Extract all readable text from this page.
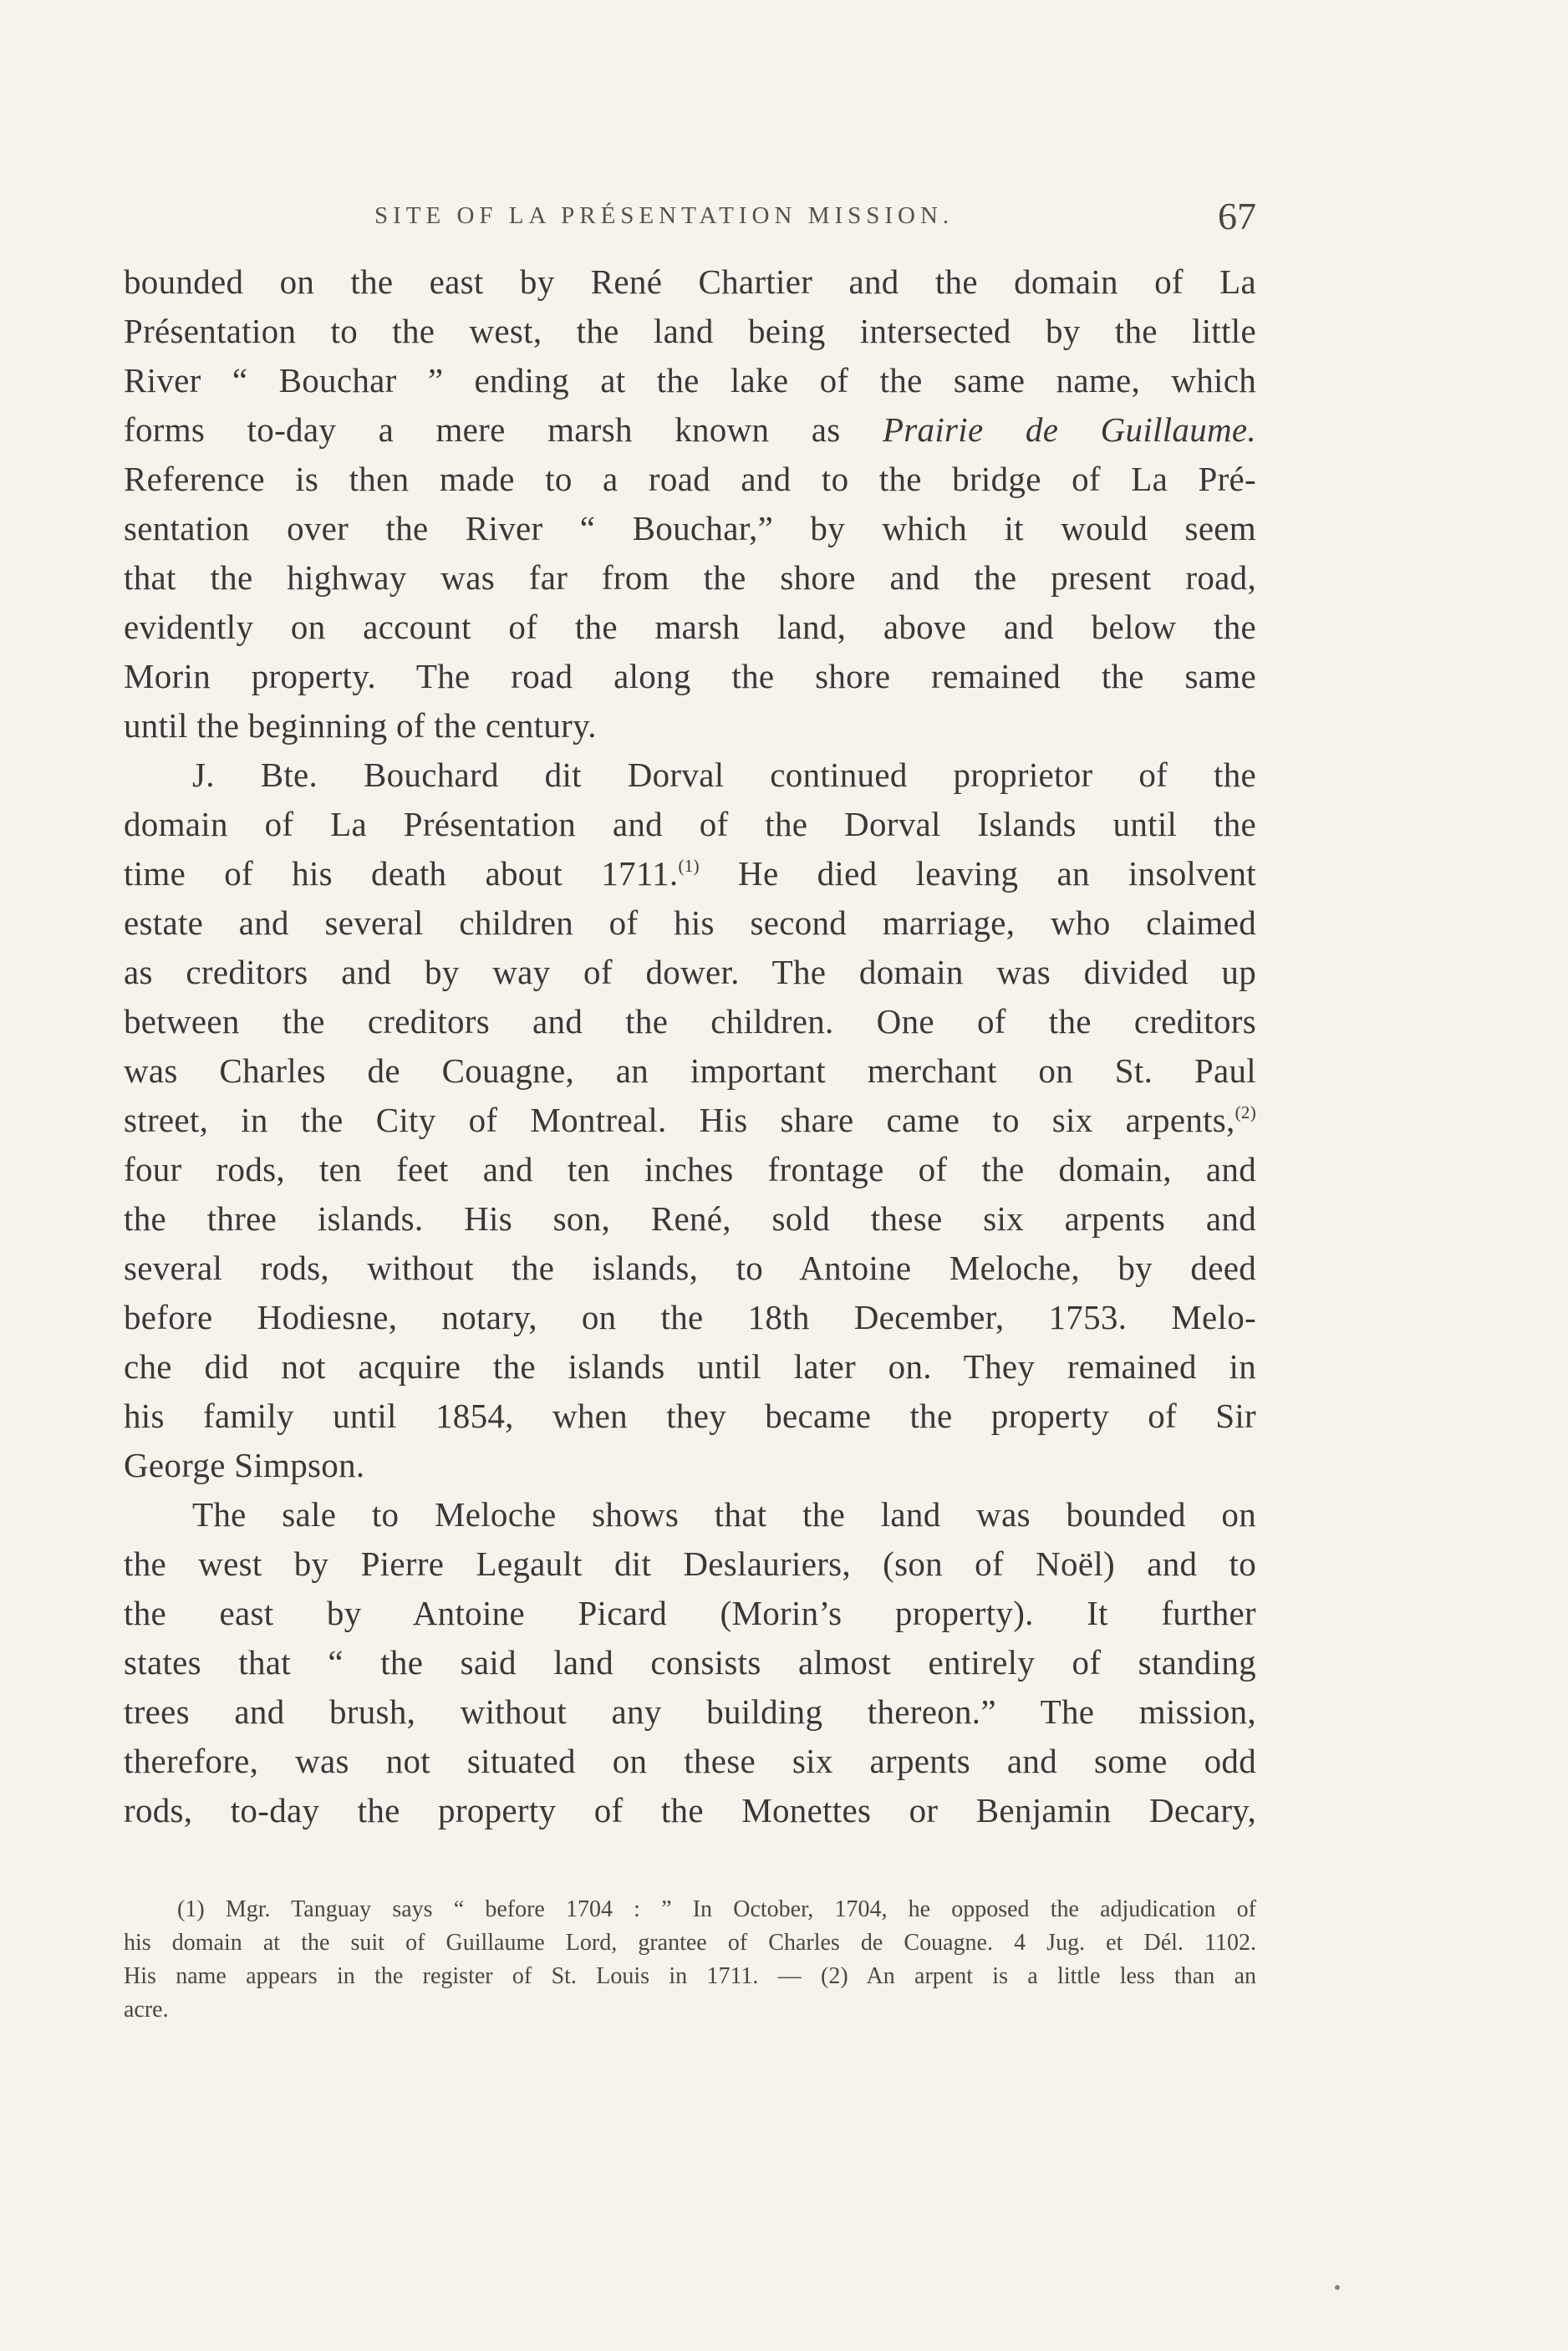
SITE OF LA PRÉSENTATION MISSION.	67
bounded on the east by René Chartier and the domain of La
Présentation to the west, the land being intersected by the little
River “ Bouchar ” ending at the lake of the same name, which
forms to-day a mere marsh known as Prairie de Guillaume.
Reference is then made to a road and to the bridge of La Pré-
sentation over the River “ Bouchar,” by which it would seem
that the highway was far from the shore and the present road,
evidently on account of the marsh land, above and below the
Morin property. The road along the shore remained the same
until the beginning of the century.
J. Bte. Bouchard dit Dorval continued proprietor of the
domain of La Présentation and of the Dorval Islands until the
time of his death about 1711.$^{(1)}$ He died leaving an insolvent
estate and several children of his second marriage, who claimed
as creditors and by way of dower. The domain was divided up
between the creditors and the children. One of the creditors
was Charles de Couagne, an important merchant on St. Paul
street, in the City of Montreal. His share came to six arpents,$^{(2)}$
four rods, ten feet and ten inches frontage of the domain, and
the three islands. His son, René, sold these six arpents and
several rods, without the islands, to Antoine Meloche, by deed
before Hodiesne, notary, on the 18th December, 1753. Melo-
che did not acquire the islands until later on. They remained in
his family until 1854, when they became the property of Sir
George Simpson.
The sale to Meloche shows that the land was bounded on
the west by Pierre Legault dit Deslauriers, (son of Noël) and to
the east by Antoine Picard (Morin’s property). It further
states that “ the said land consists almost entirely of standing
trees and brush, without any building thereon.” The mission,
therefore, was not situated on these six arpents and some odd
rods, to-day the property of the Monettes or Benjamin Decary,
(1) Mgr. Tanguay says “ before 1704 : ” In October, 1704, he opposed the adjudication of
his domain at the suit of Guillaume Lord, grantee of Charles de Couagne. 4 Jug. et Dél. 1102.
His name appears in the register of St. Louis in 1711. — (2) An arpent is a little less than an
acre.
